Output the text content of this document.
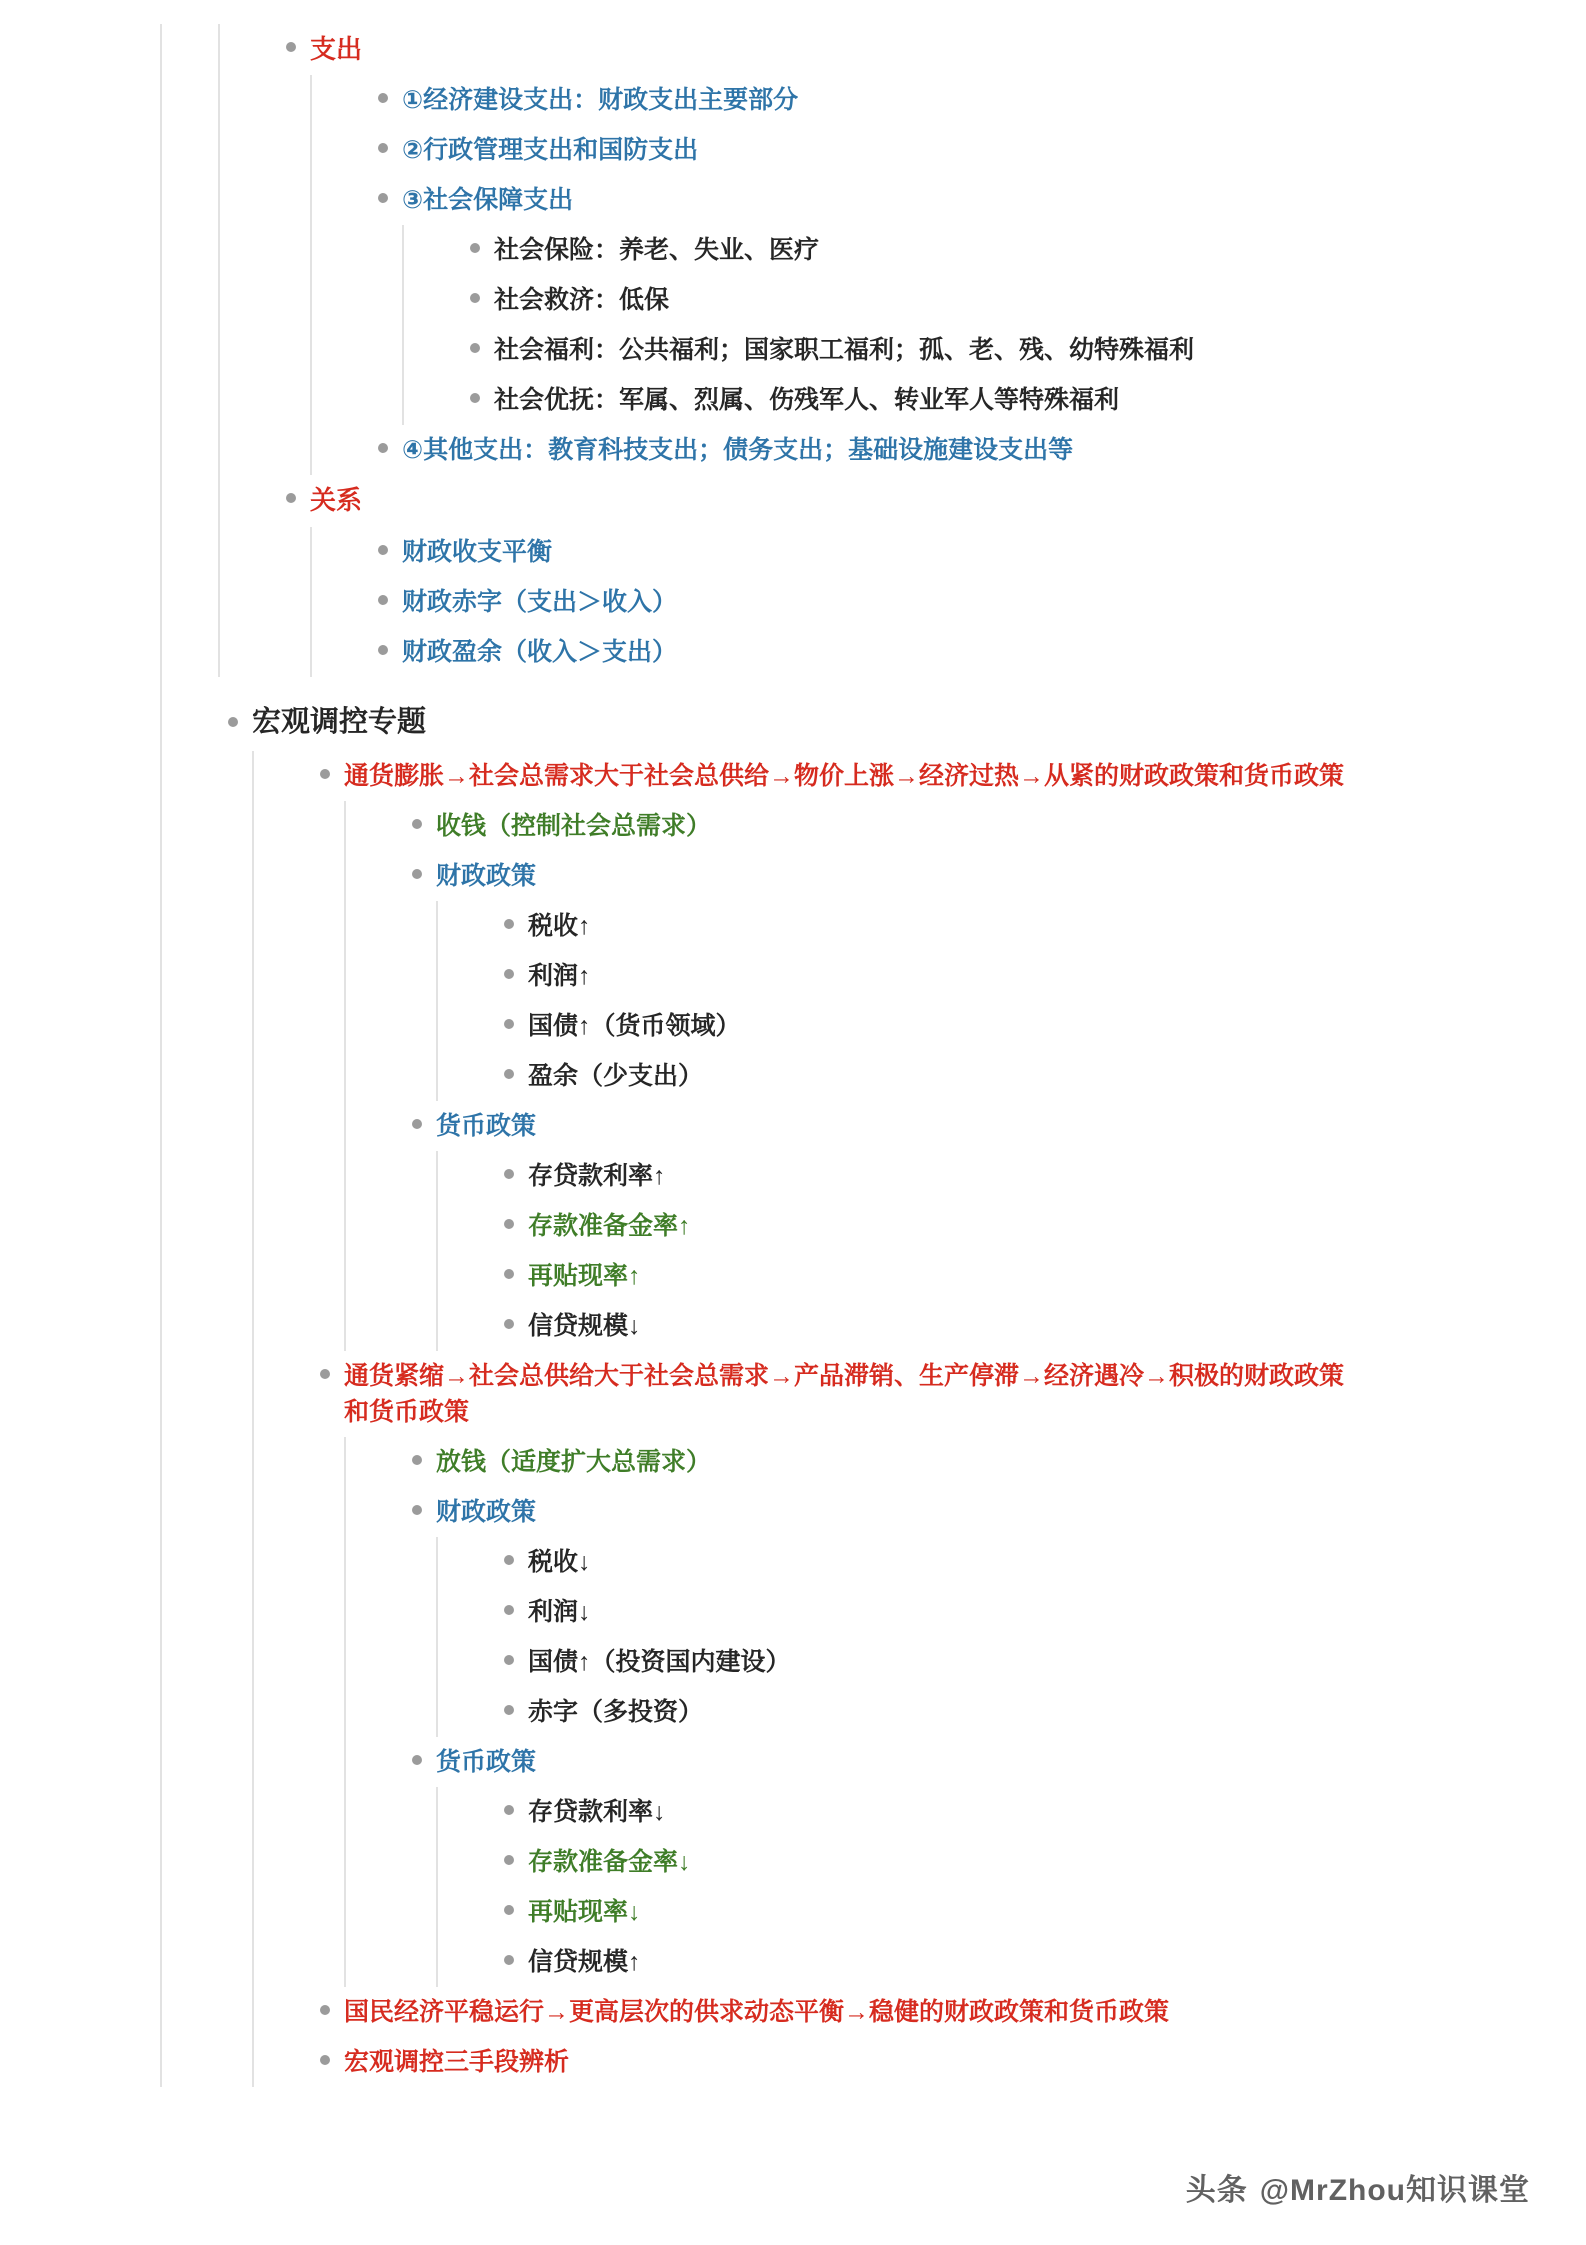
支出
①经济建设支出：财政支出主要部分
②行政管理支出和国防支出
③社会保障支出
社会保险：养老、失业、医疗
社会救济：低保
社会福利：公共福利；国家职工福利；孤、老、残、幼特殊福利
社会优抚：军属、烈属、伤残军人、转业军人等特殊福利
④其他支出：教育科技支出；债务支出；基础设施建设支出等
关系
财政收支平衡
财政赤字（支出＞收入）
财政盈余（收入＞支出）
宏观调控专题
通货膨胀→社会总需求大于社会总供给→物价上涨→经济过热→从紧的财政政策和货币政策
收钱（控制社会总需求）
财政政策
税收↑
利润↑
国债↑（货币领域）
盈余（少支出）
货币政策
存贷款利率↑
存款准备金率↑
再贴现率↑
信贷规模↓
通货紧缩→社会总供给大于社会总需求→产品滞销、生产停滞→经济遇冷→积极的财政政策和货币政策
放钱（适度扩大总需求）
财政政策
税收↓
利润↓
国债↑（投资国内建设）
赤字（多投资）
货币政策
存贷款利率↓
存款准备金率↓
再贴现率↓
信贷规模↑
国民经济平稳运行→更高层次的供求动态平衡→稳健的财政政策和货币政策
宏观调控三手段辨析
头条 @MrZhou知识课堂
